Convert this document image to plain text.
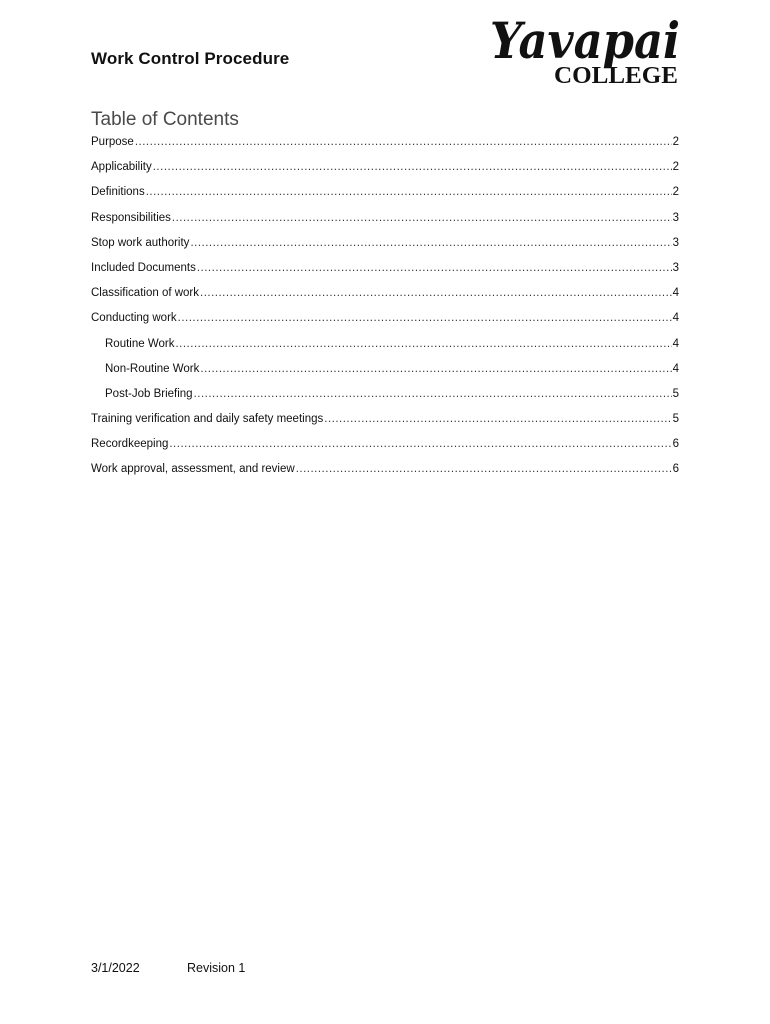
Work Control Procedure	Yavapai
COLLEGE
Table of Contents
Purpose .....	2
Applicability .....	2
Definitions .....	2
Responsibilities .....	3
Stop work authority .....	3
Included Documents .....	3
Classification of work .....	4
Conducting work .....	4
Routine Work .....	4
Non-Routine Work .....	4
Post-Job Briefing .....	5
Training verification and daily safety meetings .....	5
Recordkeeping .....	6
Work approval, assessment, and review .....	6
3/1/2022	Revision 1
